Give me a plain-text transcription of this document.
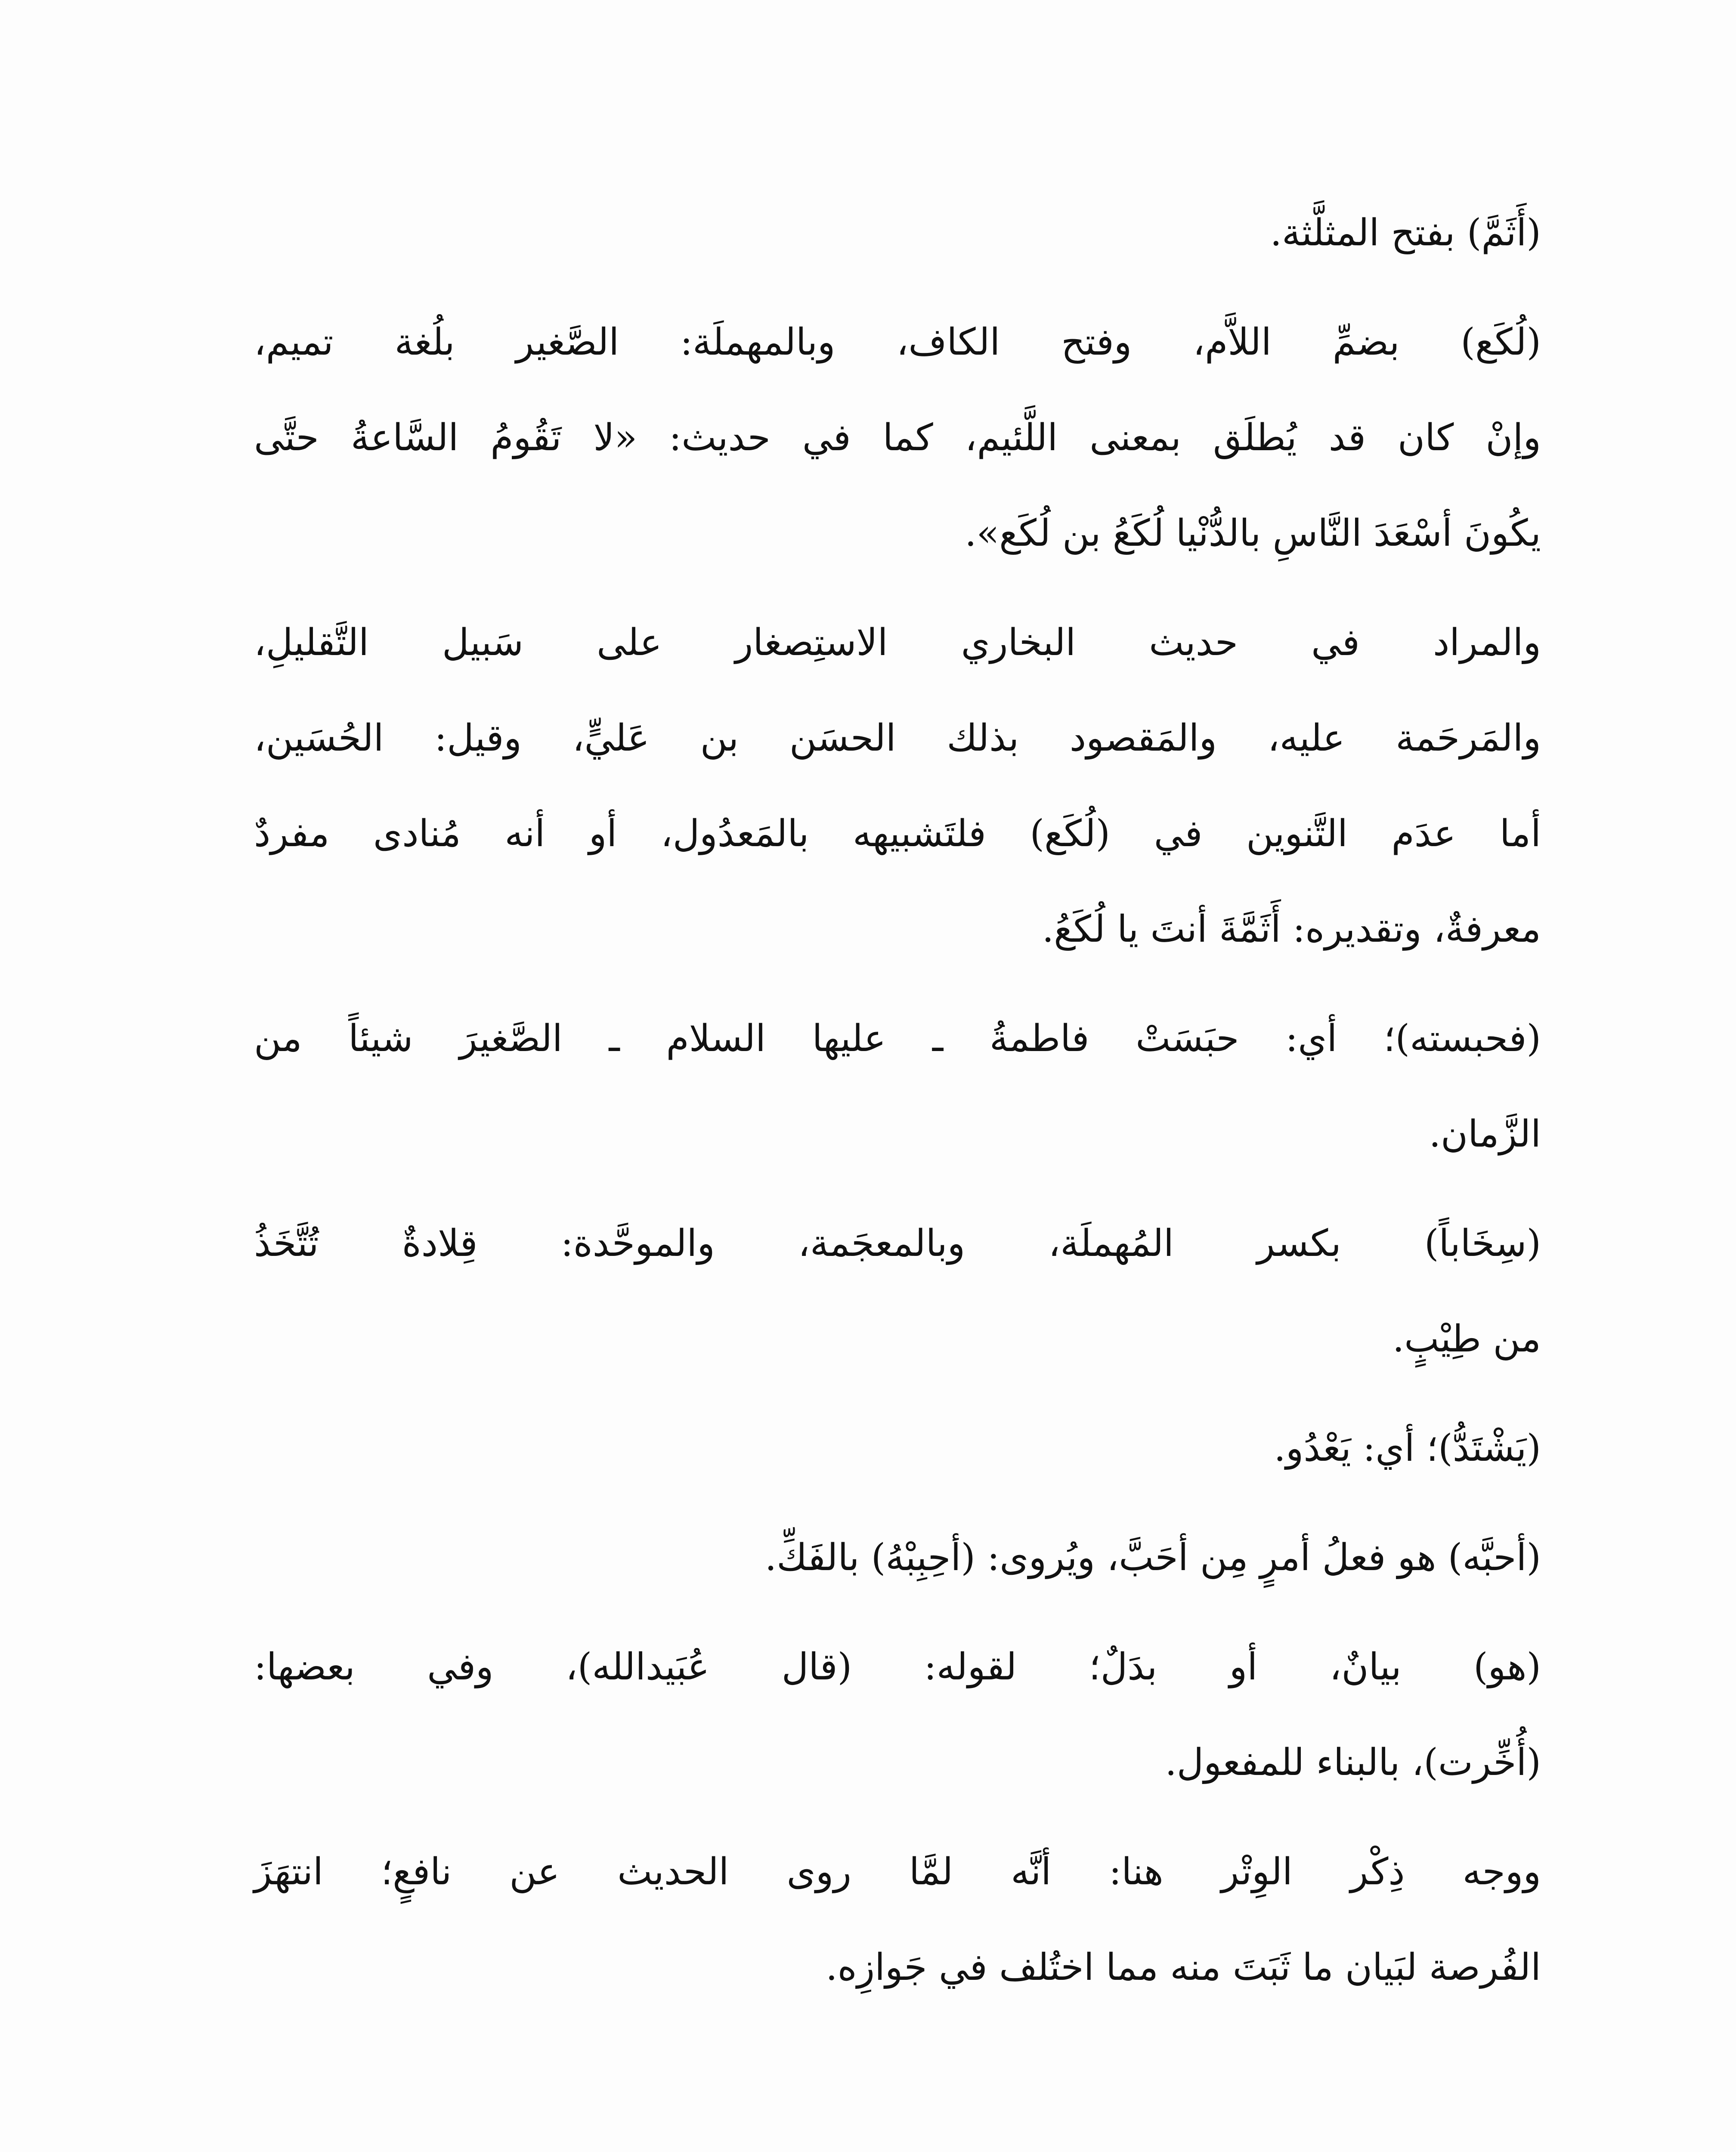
(أَثَمَّ) بفتح المثلَّثة.
(لُكَع) بضمِّ اللاَّم، وفتح الكاف، وبالمهملَة: الصَّغير بلُغة تميم،
وإنْ كان قد يُطلَق بمعنى اللَّئيم، كما في حديث: «لا تَقُومُ السَّاعةُ حتَّى
يكُونَ أسْعَدَ النَّاسِ بالدُّنْيا لُكَعُ بن لُكَع».
والمراد في حديث البخاري الاستِصغار على سَبيل التَّقليلِ،
والمَرحَمة عليه، والمَقصود بذلك الحسَن بن عَليٍّ، وقيل: الحُسَين،
أما عدَم التَّنوين في (لُكَع) فلتَشبيهه بالمَعدُول، أو أنه مُنادى مفردٌ
معرفةٌ، وتقديره: أَثَمَّةَ أنتَ يا لُكَعُ.
(فحبسته)؛ أي: حبَسَتْ فاطمةُ ـ عليها السلام ـ الصَّغيرَ شيئاً من
الزَّمان.
(سِخَاباً) بكسر المُهملَة، وبالمعجَمة، والموحَّدة: قِلادةٌ تُتَّخَذُ
من طِيْبٍ.
(يَشْتَدُّ)؛ أي: يَعْدُو.
(أحبَّه) هو فعلُ أمرٍ مِن أحَبَّ، ويُروى: (أحِبِبْهُ) بالفَكِّ.
(هو) بيانٌ، أو بدَلٌ؛ لقوله: (قال عُبَيدالله)، وفي بعضها:
(أُخِّرت)، بالبناء للمفعول.
ووجه ذِكْر الوِتْر هنا: أنَّه لمَّا روى الحديث عن نافعٍ؛ انتهَزَ
الفُرصة لبَيان ما ثَبَتَ منه مما اختُلف في جَوازِه.
